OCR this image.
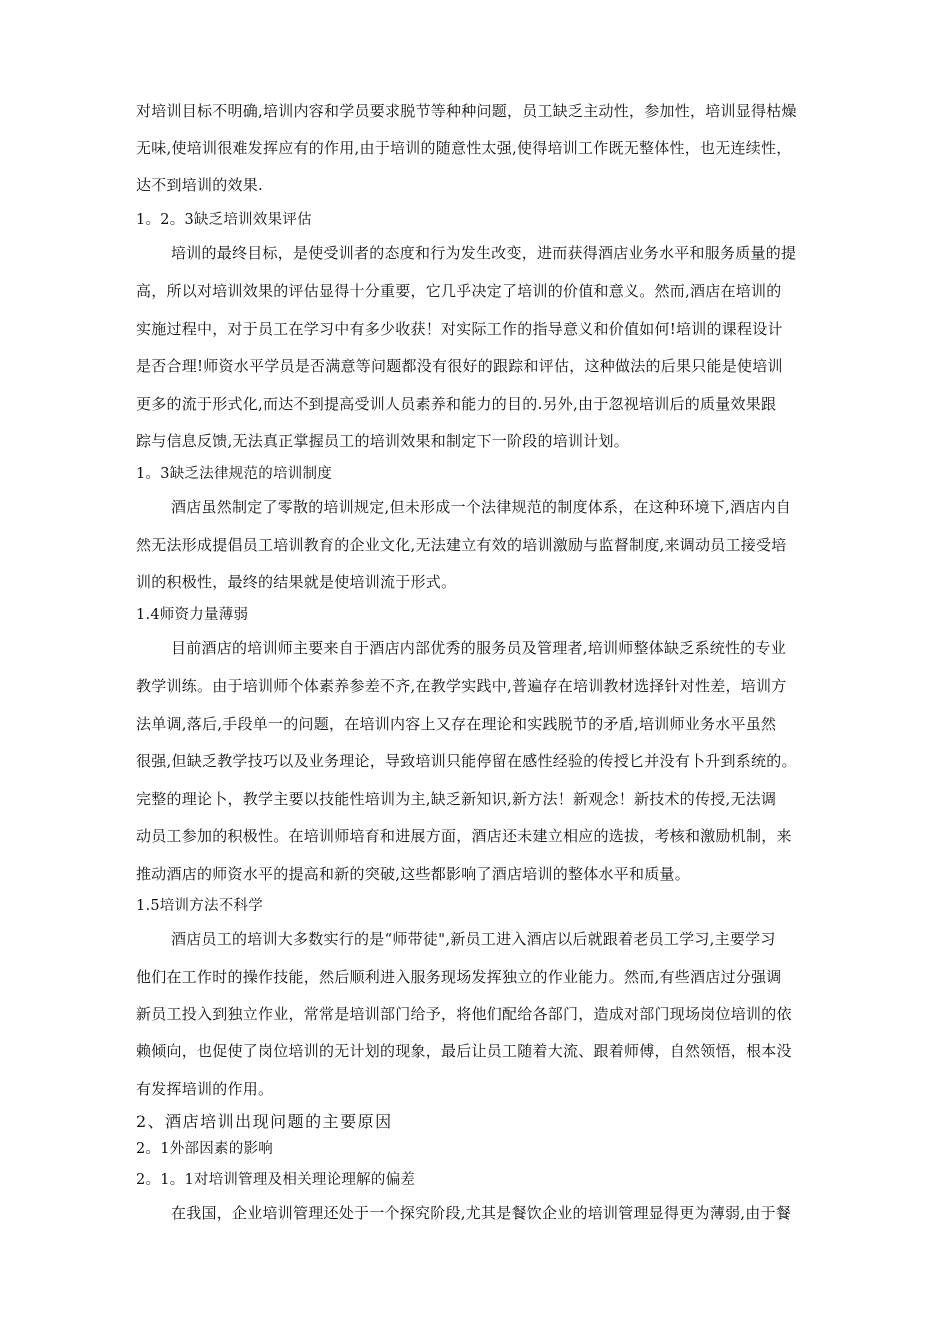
对培训目标不明确,培训内容和学员要求脱节等种种问题，员工缺乏主动性，参加性，培训显得枯燥
无味,使培训很难发挥应有的作用,由于培训的随意性太强,使得培训工作既无整体性，也无连续性，
达不到培训的效果.
1。2。3缺乏培训效果评估
培训的最终目标，是使受训者的态度和行为发生改变，进而获得酒店业务水平和服务质量的提
高，所以对培训效果的评估显得十分重要，它几乎决定了培训的价值和意义。然而,酒店在培训的
实施过程中，对于员工在学习中有多少收获！对实际工作的指导意义和价值如何!培训的课程设计
是否合理!师资水平学员是否满意等问题都没有很好的跟踪和评估，这种做法的后果只能是使培训
更多的流于形式化,而达不到提高受训人员素养和能力的目的.另外,由于忽视培训后的质量效果跟
踪与信息反馈,无法真正掌握员工的培训效果和制定下一阶段的培训计划。
1。3缺乏法律规范的培训制度
酒店虽然制定了零散的培训规定,但未形成一个法律规范的制度体系，在这种环境下,酒店内自
然无法形成提倡员工培训教育的企业文化,无法建立有效的培训激励与监督制度,来调动员工接受培
训的积极性，最终的结果就是使培训流于形式。
1.4师资力量薄弱
目前酒店的培训师主要来自于酒店内部优秀的服务员及管理者,培训师整体缺乏系统性的专业
教学训练。由于培训师个体素养参差不齐,在教学实践中,普遍存在培训教材选择针对性差，培训方
法单调,落后,手段单一的问题，在培训内容上又存在理论和实践脱节的矛盾,培训师业务水平虽然
很强,但缺乏教学技巧以及业务理论，导致培训只能停留在感性经验的传授匕并没有卜升到系统的。
完整的理论卜，教学主要以技能性培训为主,缺乏新知识,新方法！新观念！新技术的传授,无法调
动员工参加的积极性。在培训师培育和进展方面，酒店还未建立相应的选拔，考核和激励机制，来
推动酒店的师资水平的提高和新的突破,这些都影响了酒店培训的整体水平和质量。
1.5培训方法不科学
酒店员工的培训大多数实行的是“师带徒",新员工进入酒店以后就跟着老员工学习,主要学习
他们在工作时的操作技能，然后顺利进入服务现场发挥独立的作业能力。然而,有些酒店过分强调
新员工投入到独立作业，常常是培训部门给予，将他们配给各部门，造成对部门现场岗位培训的依
赖倾向，也促使了岗位培训的无计划的现象，最后让员工随着大流、跟着师傅，自然领悟，根本没
有发挥培训的作用。
2、酒店培训出现问题的主要原因
2。1外部因素的影响
2。1。1对培训管理及相关理论理解的偏差
在我国，企业培训管理还处于一个探究阶段,尤其是餐饮企业的培训管理显得更为薄弱,由于餐
